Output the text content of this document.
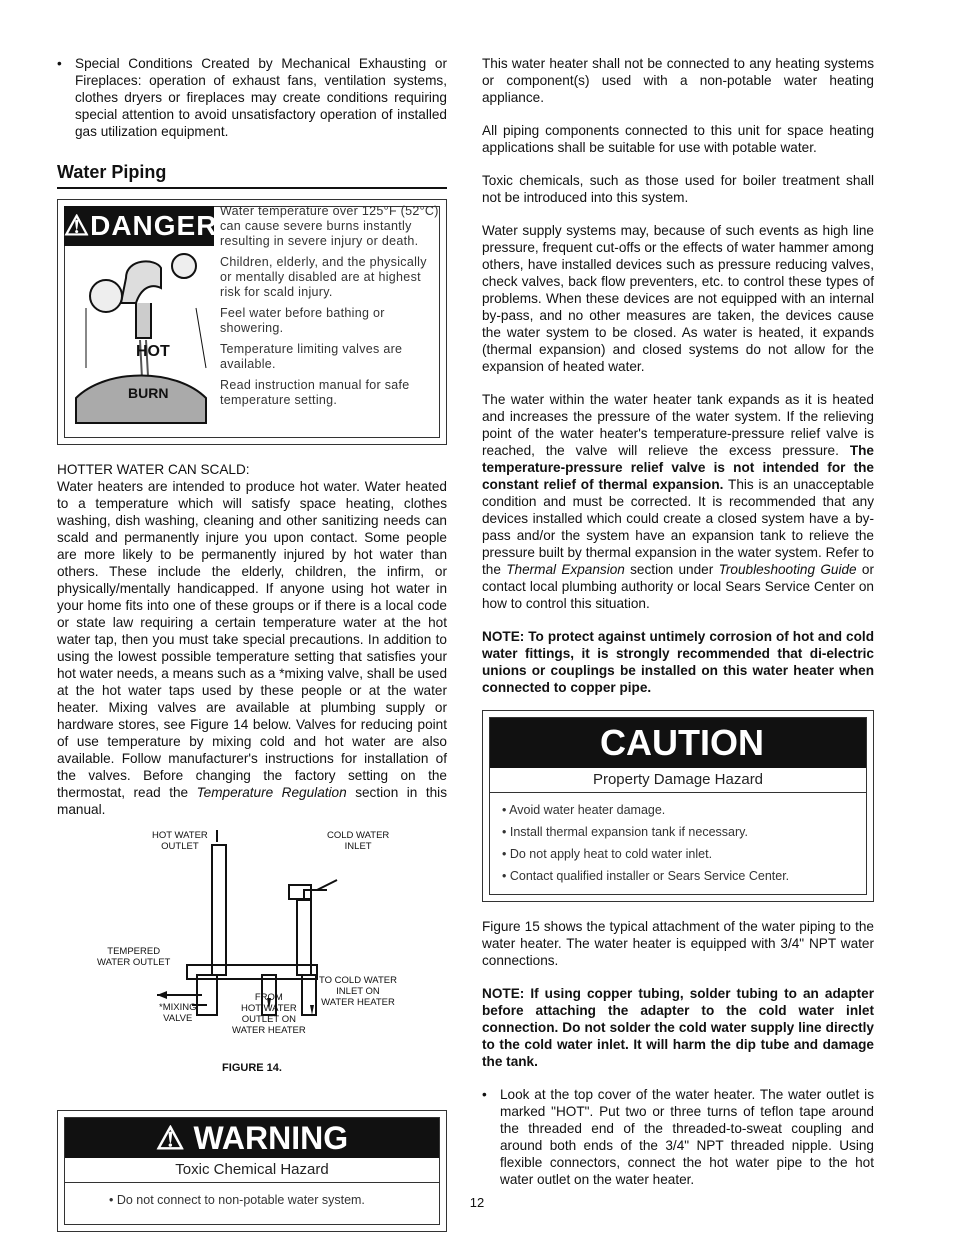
• Special Conditions Created by Mechanical Exhausting or Fireplaces: operation of exhaust fans, ventilation systems, clothes dryers or fireplaces may create conditions requiring special attention to avoid unsatisfactory operation of installed gas utilization equipment.

Water Piping
⚠DANGER
HOT
BURN
Water temperature over 125°F (52°C) can cause severe burns instantly resulting in severe injury or death.
Children, elderly, and the physically or mentally disabled are at highest risk for scald injury.
Feel water before bathing or showering.
Temperature limiting valves are available.
Read instruction manual for safe temperature setting.

HOTTER WATER CAN SCALD:

Water heaters are intended to produce hot water. Water heated to a temperature which will satisfy space heating, clothes washing, dish washing, cleaning and other sanitizing needs can scald and permanently injure you upon contact. Some people are more likely to be permanently injured by hot water than others. These include the elderly, children, the infirm, or physically/mentally handicapped. If anyone using hot water in your home fits into one of these groups or if there is a local code or state law requiring a certain temperature water at the hot water tap, then you must take special precautions. In addition to using the lowest possible temperature setting that satisfies your hot water needs, a means such as a *mixing valve, shall be used at the hot water taps used by these people or at the water heater. Mixing valves are available at plumbing supply or hardware stores, see Figure 14 below. Valves for reducing point of use temperature by mixing cold and hot water are also available. Follow manufacturer's instructions for installation of the valves. Before changing the factory setting on the thermostat, read the Temperature Regulation section in this manual.

HOT WATER
OUTLET
COLD WATER
INLET
TEMPERED
WATER OUTLET
*MIXING
VALVE
FROM
HOT WATER
OUTLET ON
WATER HEATER
TO COLD WATER
INLET ON
WATER HEATER
FIGURE 14.
⚠ WARNING
Toxic Chemical Hazard
• Do not connect to non-potable water system.

This water heater shall not be connected to any heating systems or component(s) used with a non-potable water heating appliance.

All piping components connected to this unit for space heating applications shall be suitable for use with potable water.

Toxic chemicals, such as those used for boiler treatment shall not be introduced into this system.

Water supply systems may, because of such events as high line pressure, frequent cut-offs or the effects of water hammer among others, have installed devices such as pressure reducing valves, check valves, back flow preventers, etc. to control these types of problems. When these devices are not equipped with an internal by-pass, and no other measures are taken, the devices cause the water system to be closed. As water is heated, it expands (thermal expansion) and closed systems do not allow for the expansion of heated water.

The water within the water heater tank expands as it is heated and increases the pressure of the water system. If the relieving point of the water heater's temperature-pressure relief valve is reached, the valve will relieve the excess pressure. The temperature-pressure relief valve is not intended for the constant relief of thermal expansion. This is an unacceptable condition and must be corrected. It is recommended that any devices installed which could create a closed system have a by-pass and/or the system have an expansion tank to relieve the pressure built by thermal expansion in the water system. Refer to the Thermal Expansion section under Troubleshooting Guide or contact local plumbing authority or local Sears Service Center on how to control this situation.

NOTE: To protect against untimely corrosion of hot and cold water fittings, it is strongly recommended that di-electric unions or couplings be installed on this water heater when connected to copper pipe.

CAUTION
Property Damage Hazard
• Avoid water heater damage.
• Install thermal expansion tank if necessary.
• Do not apply heat to cold water inlet.
• Contact qualified installer or Sears Service Center.

Figure 15 shows the typical attachment of the water piping to the water heater. The water heater is equipped with 3/4" NPT water connections.

NOTE: If using copper tubing, solder tubing to an adapter before attaching the adapter to the cold water inlet connection. Do not solder the cold water supply line directly to the cold water inlet. It will harm the dip tube and damage the tank.

• Look at the top cover of the water heater. The water outlet is marked "HOT". Put two or three turns of teflon tape around the threaded end of the threaded-to-sweat coupling and around both ends of the 3/4" NPT threaded nipple. Using flexible connectors, connect the hot water pipe to the hot water outlet on the water heater.

12
